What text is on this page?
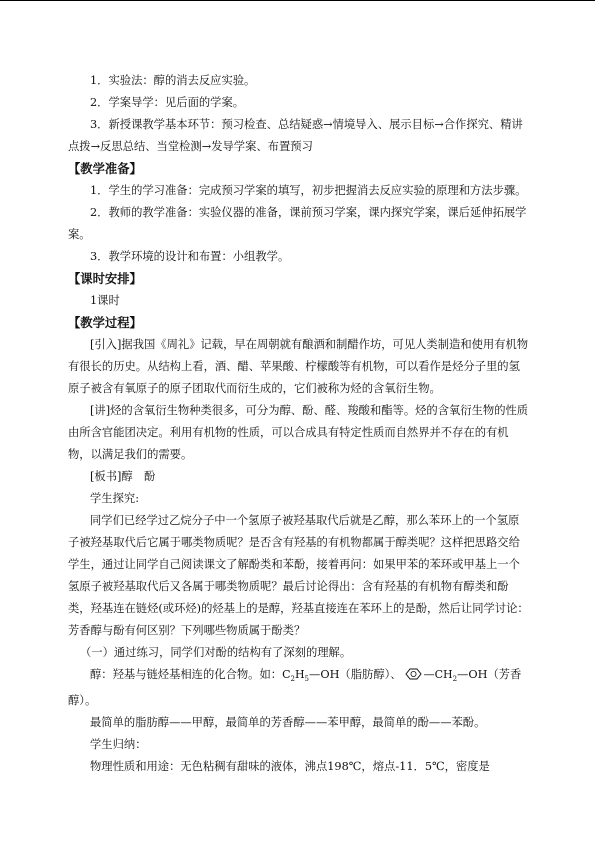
1．实验法：醇的消去反应实验。

2．学案导学：见后面的学案。

3．新授课教学基本环节：预习检查、总结疑惑→情境导入、展示目标→合作探究、精讲点拨→反思总结、当堂检测→发导学案、布置预习

【教学准备】

1．学生的学习准备：完成预习学案的填写，初步把握消去反应实验的原理和方法步骤。

2．教师的教学准备：实验仪器的准备，课前预习学案，课内探究学案，课后延伸拓展学案。

3．教学环境的设计和布置：小组教学。

【课时安排】

1课时

【教学过程】

[引入]据我国《周礼》记载，早在周朝就有酿酒和制醋作坊，可见人类制造和使用有机物有很长的历史。从结构上看，酒、醋、苹果酸、柠檬酸等有机物，可以看作是烃分子里的氢原子被含有氧原子的原子团取代而衍生成的，它们被称为烃的含氧衍生物。

[讲]烃的含氧衍生物种类很多，可分为醇、酚、醛、羧酸和酯等。烃的含氧衍生物的性质由所含官能团决定。利用有机物的性质，可以合成具有特定性质而自然界并不存在的有机物，以满足我们的需要。

[板书]醇　酚

学生探究:

同学们已经学过乙烷分子中一个氢原子被羟基取代后就是乙醇，那么苯环上的一个氢原子被羟基取代后它属于哪类物质呢？是否含有羟基的有机物都属于醇类呢？这样把思路交给学生，通过让同学自己阅读课文了解酚类和苯酚，接着再问：如果甲苯的苯环或甲基上一个氢原子被羟基取代后又各属于哪类物质呢？最后讨论得出：含有羟基的有机物有醇类和酚类，羟基连在链烃(或环烃)的烃基上的是醇，羟基直接连在苯环上的是酚，然后让同学讨论：芳香醇与酚有何区别？下列哪些物质属于酚类？

（一）通过练习，同学们对酚的结构有了深刻的理解。

醇：羟基与链烃基相连的化合物。如：$C_2H_5—OH$（脂肪醇）、 $—CH_2—OH$（芳香醇）。

最简单的脂肪醇——甲醇，最简单的芳香醇——苯甲醇，最简单的酚——苯酚。

学生归纳：

物理性质和用途：无色粘稠有甜味的液体，沸点198℃，熔点-11．5℃，密度是
